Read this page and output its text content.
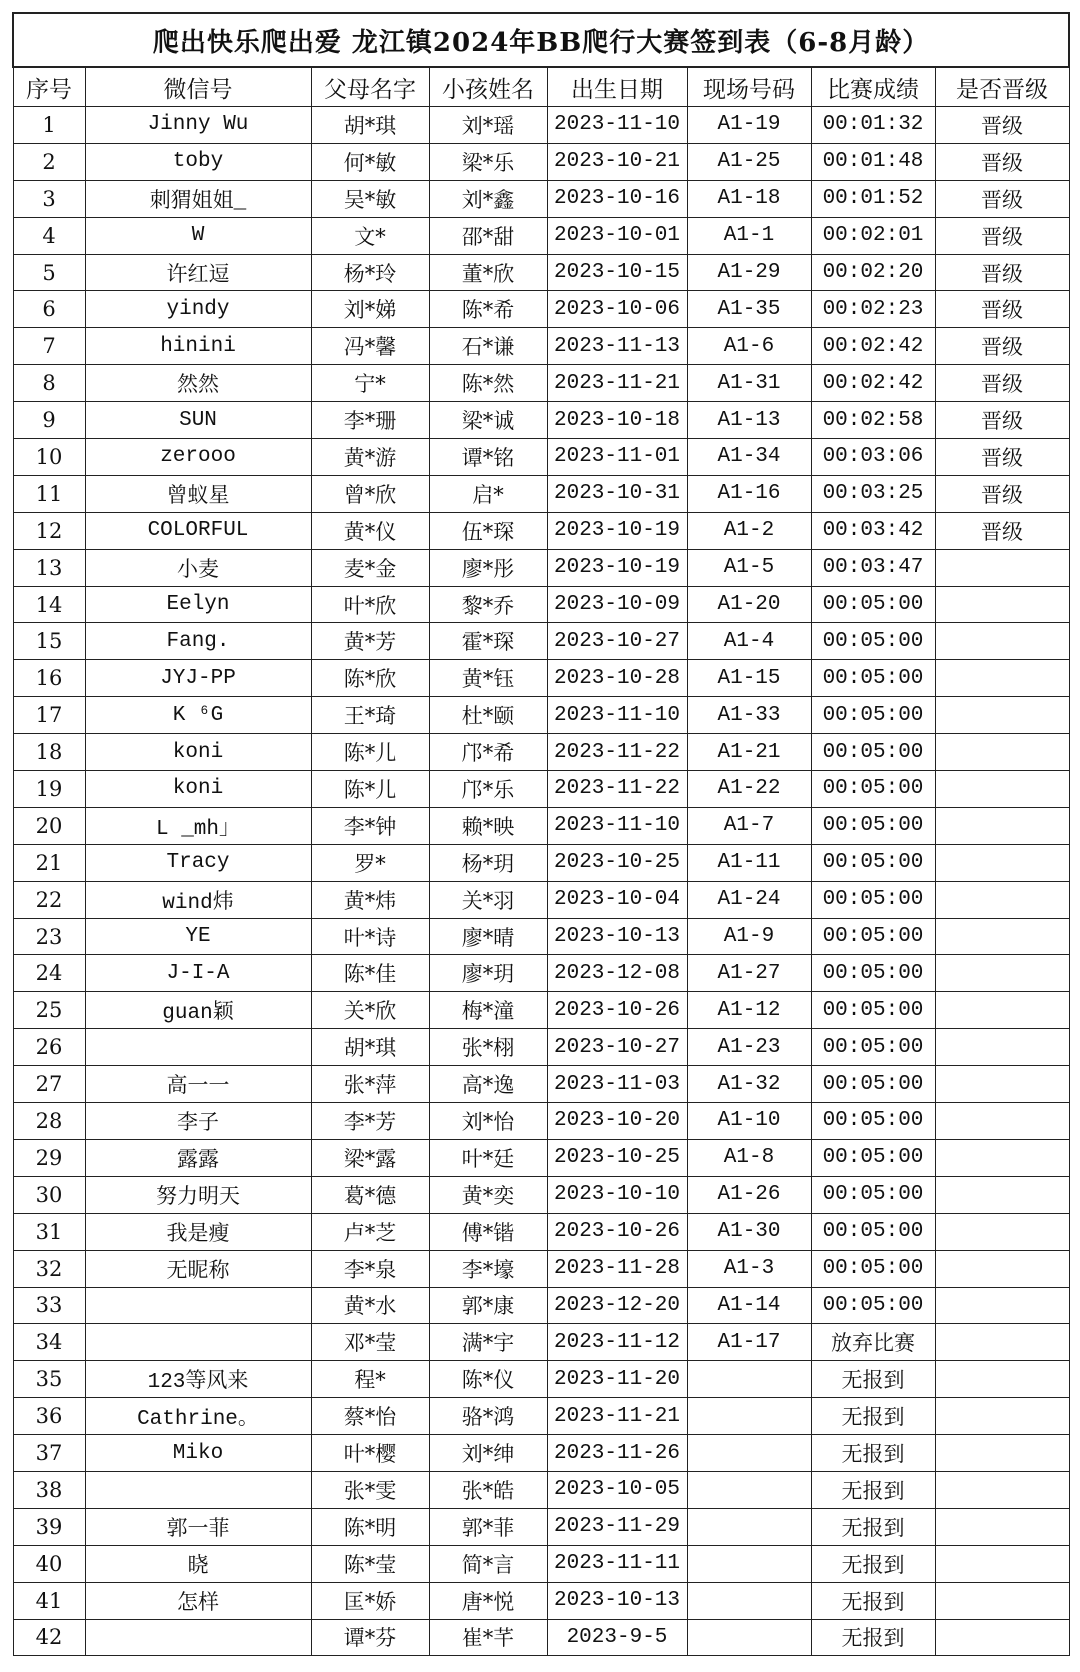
爬出快乐爬出爱 龙江镇2024年BB爬行大赛签到表（6-8月龄）							
序号	微信号	父母名字	小孩姓名	出生日期	现场号码	比赛成绩	是否晋级
1	Jinny Wu	胡*琪	刘*瑶	2023-11-10	A1-19	00:01:32	晋级
2	toby	何*敏	梁*乐	2023-10-21	A1-25	00:01:48	晋级
3	刺猬姐姐_	吴*敏	刘*鑫	2023-10-16	A1-18	00:01:52	晋级
4	W	文*	邵*甜	2023-10-01	A1-1	00:02:01	晋级
5	许红逗	杨*玲	董*欣	2023-10-15	A1-29	00:02:20	晋级
6	yindy	刘*娣	陈*希	2023-10-06	A1-35	00:02:23	晋级
7	hinini	冯*馨	石*谦	2023-11-13	A1-6	00:02:42	晋级
8	然然	宁*	陈*然	2023-11-21	A1-31	00:02:42	晋级
9	SUN	李*珊	梁*诚	2023-10-18	A1-13	00:02:58	晋级
10	zerooo	黄*游	谭*铭	2023-11-01	A1-34	00:03:06	晋级
11	曾蚁星	曾*欣	启*	2023-10-31	A1-16	00:03:25	晋级
12	COLORFUL	黄*仪	伍*琛	2023-10-19	A1-2	00:03:42	晋级
13	小麦	麦*金	廖*彤	2023-10-19	A1-5	00:03:47	
14	Eelyn	叶*欣	黎*乔	2023-10-09	A1-20	00:05:00	
15	Fang.	黄*芳	霍*琛	2023-10-27	A1-4	00:05:00	
16	JYJ-PP	陈*欣	黄*钰	2023-10-28	A1-15	00:05:00	
17	K ⁶G	王*琦	杜*颐	2023-11-10	A1-33	00:05:00	
18	koni	陈*儿	邝*希	2023-11-22	A1-21	00:05:00	
19	koni	陈*儿	邝*乐	2023-11-22	A1-22	00:05:00	
20	L _mh」	李*钟	赖*映	2023-11-10	A1-7	00:05:00	
21	Tracy	罗*	杨*玥	2023-10-25	A1-11	00:05:00	
22	wind炜	黄*炜	关*羽	2023-10-04	A1-24	00:05:00	
23	YE	叶*诗	廖*晴	2023-10-13	A1-9	00:05:00	
24	J-I-A	陈*佳	廖*玥	2023-12-08	A1-27	00:05:00	
25	guan颖	关*欣	梅*潼	2023-10-26	A1-12	00:05:00	
26		胡*琪	张*栩	2023-10-27	A1-23	00:05:00	
27	高一一	张*萍	高*逸	2023-11-03	A1-32	00:05:00	
28	李子	李*芳	刘*怡	2023-10-20	A1-10	00:05:00	
29	露露	梁*露	叶*廷	2023-10-25	A1-8	00:05:00	
30	努力明天	葛*德	黄*奕	2023-10-10	A1-26	00:05:00	
31	我是瘦	卢*芝	傅*锴	2023-10-26	A1-30	00:05:00	
32	无昵称	李*泉	李*壕	2023-11-28	A1-3	00:05:00	
33		黄*水	郭*康	2023-12-20	A1-14	00:05:00	
34		邓*莹	满*宇	2023-11-12	A1-17	放弃比赛	
35	123等风来	程*	陈*仪	2023-11-20		无报到	
36	Cathrine。	蔡*怡	骆*鸿	2023-11-21		无报到	
37	Miko	叶*樱	刘*绅	2023-11-26		无报到	
38		张*雯	张*皓	2023-10-05		无报到	
39	郭一菲	陈*明	郭*菲	2023-11-29		无报到	
40	晓	陈*莹	简*言	2023-11-11		无报到	
41	怎样	匡*娇	唐*悦	2023-10-13		无报到	
42		谭*芬	崔*芊	2023-9-5		无报到	
